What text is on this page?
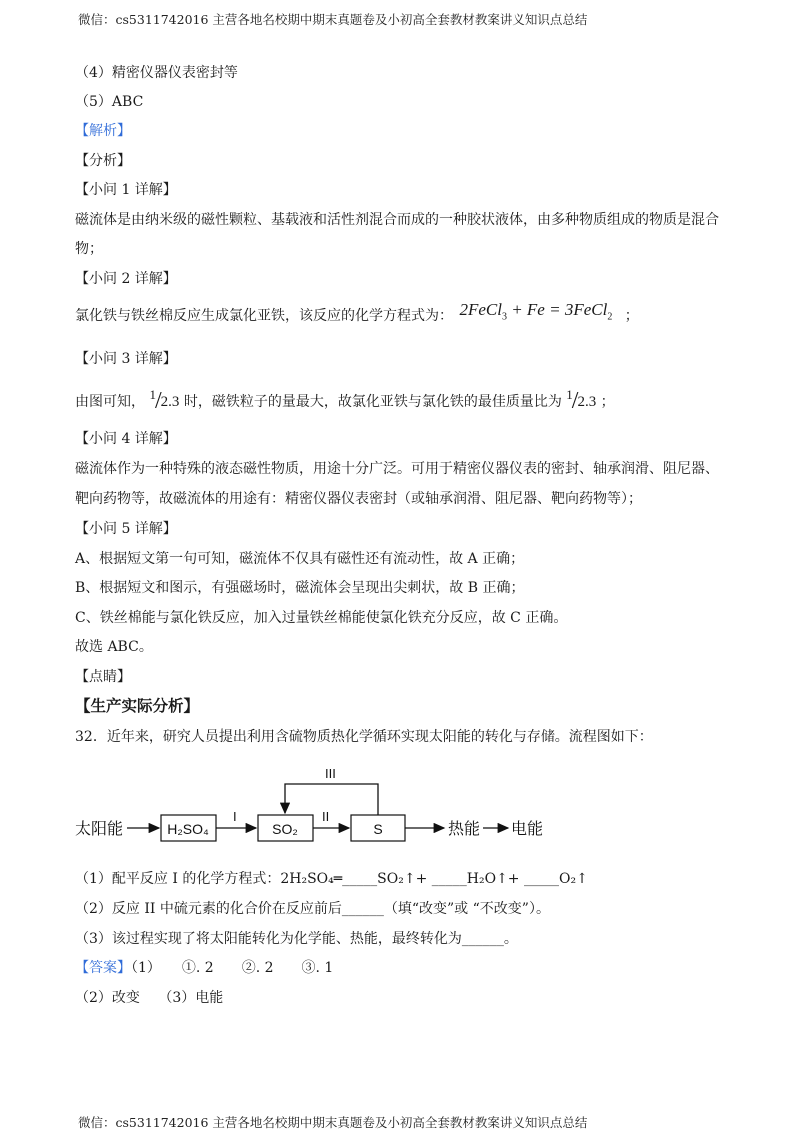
微信：cs5311742016 主营各地名校期中期末真题卷及小初高全套教材教案讲义知识点总结
（4）精密仪器仪表密封等
（5）ABC
【解析】
【分析】
【小问 1 详解】
磁流体是由纳米级的磁性颗粒、基载液和活性剂混合而成的一种胶状液体，由多种物质组成的物质是混合
物；
【小问 2 详解】
氯化铁与铁丝棉反应生成氯化亚铁，该反应的化学方程式为： 2FeCl$_3$ + Fe = 3FeCl$_2$ ；
【小问 3 详解】
由图可知， 1/2.3 时，磁铁粒子的量最大，故氯化亚铁与氯化铁的最佳质量比为 1/2.3 ；
【小问 4 详解】
磁流体作为一种特殊的液态磁性物质，用途十分广泛。可用于精密仪器仪表的密封、轴承润滑、阻尼器、
靶向药物等，故磁流体的用途有：精密仪器仪表密封（或轴承润滑、阻尼器、靶向药物等）；
【小问 5 详解】
A、根据短文第一句可知，磁流体不仅具有磁性还有流动性，故 A 正确；
B、根据短文和图示，有强磁场时，磁流体会呈现出尖刺状，故 B 正确；
C、铁丝棉能与氯化铁反应，加入过量铁丝棉能使氯化铁充分反应，故 C 正确。
故选 ABC。
【点睛】
【生产实际分析】
32．近年来，研究人员提出利用含硫物质热化学循环实现太阳能的转化与存储。流程图如下：
太阳能	H₂SO₄
I
SO₂
II
S
III
热能 电能
（1）配平反应 I 的化学方程式：2H₂SO₄═_____SO₂↑+ _____H₂O↑+ _____O₂↑
（2）反应 II 中硫元素的化合价在反应前后______（填“改变”或 “不改变”）。
（3）该过程实现了将太阳能转化为化学能、热能，最终转化为______。
【答案】（1）　　①. 2　　②. 2　　③. 1
（2）改变　 （3）电能
微信：cs5311742016 主营各地名校期中期末真题卷及小初高全套教材教案讲义知识点总结
